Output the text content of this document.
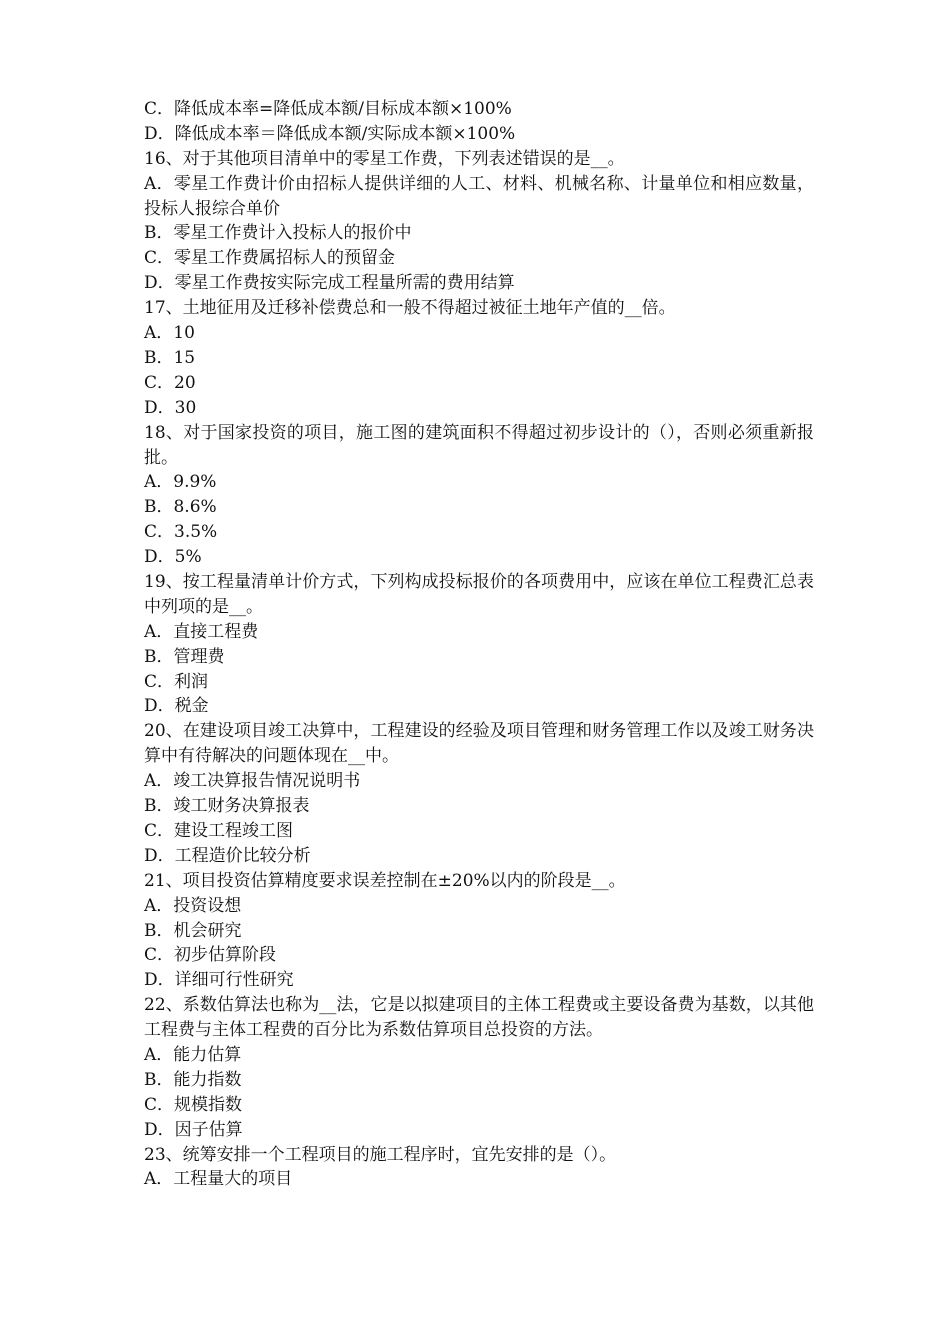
C．降低成本率=降低成本额/目标成本额×100%
D．降低成本率＝降低成本额/实际成本额×100%
16、对于其他项目清单中的零星工作费，下列表述错误的是__。
A．零星工作费计价由招标人提供详细的人工、材料、机械名称、计量单位和相应数量，投标人报综合单价
B．零星工作费计入投标人的报价中
C．零星工作费属招标人的预留金
D．零星工作费按实际完成工程量所需的费用结算
17、土地征用及迁移补偿费总和一般不得超过被征土地年产值的__倍。
A．10
B．15
C．20
D．30
18、对于国家投资的项目，施工图的建筑面积不得超过初步设计的（），否则必须重新报批。
A．9.9%
B．8.6%
C．3.5%
D．5%
19、按工程量清单计价方式，下列构成投标报价的各项费用中，应该在单位工程费汇总表中列项的是__。
A．直接工程费
B．管理费
C．利润
D．税金
20、在建设项目竣工决算中，工程建设的经验及项目管理和财务管理工作以及竣工财务决算中有待解决的问题体现在__中。
A．竣工决算报告情况说明书
B．竣工财务决算报表
C．建设工程竣工图
D．工程造价比较分析
21、项目投资估算精度要求误差控制在±20%以内的阶段是__。
A．投资设想
B．机会研究
C．初步估算阶段
D．详细可行性研究
22、系数估算法也称为__法，它是以拟建项目的主体工程费或主要设备费为基数，以其他工程费与主体工程费的百分比为系数估算项目总投资的方法。
A．能力估算
B．能力指数
C．规模指数
D．因子估算
23、统筹安排一个工程项目的施工程序时，宜先安排的是（）。
A．工程量大的项目
